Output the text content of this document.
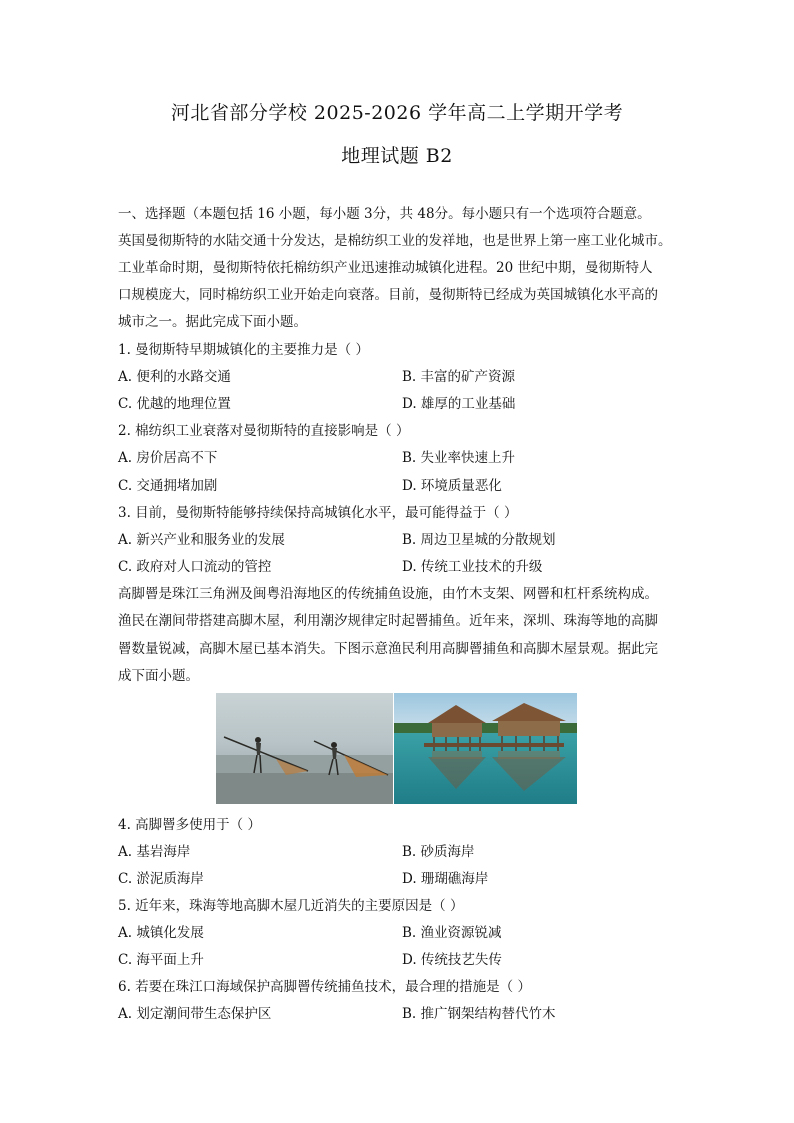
河北省部分学校 2025-2026 学年高二上学期开学考
地理试题 B2
一、选择题（本题包括 16 小题，每小题 3分，共 48分。每小题只有一个选项符合题意。
英国曼彻斯特的水陆交通十分发达，是棉纺织工业的发祥地，也是世界上第一座工业化城市。
工业革命时期，曼彻斯特依托棉纺织产业迅速推动城镇化进程。20 世纪中期，曼彻斯特人
口规模庞大，同时棉纺织工业开始走向衰落。目前，曼彻斯特已经成为英国城镇化水平高的
城市之一。据此完成下面小题。
1. 曼彻斯特早期城镇化的主要推力是（ ）
A. 便利的水路交通	B. 丰富的矿产资源
C. 优越的地理位置	D. 雄厚的工业基础
2. 棉纺织工业衰落对曼彻斯特的直接影响是（ ）
A. 房价居高不下	B. 失业率快速上升
C. 交通拥堵加剧	D. 环境质量恶化
3. 目前，曼彻斯特能够持续保持高城镇化水平，最可能得益于（ ）
A. 新兴产业和服务业的发展	B. 周边卫星城的分散规划
C. 政府对人口流动的管控	D. 传统工业技术的升级
高脚罾是珠江三角洲及闽粤沿海地区的传统捕鱼设施，由竹木支架、网罾和杠杆系统构成。
渔民在潮间带搭建高脚木屋，利用潮汐规律定时起罾捕鱼。近年来，深圳、珠海等地的高脚
罾数量锐减，高脚木屋已基本消失。下图示意渔民利用高脚罾捕鱼和高脚木屋景观。据此完
成下面小题。
4. 高脚罾多使用于（ ）
A. 基岩海岸	B. 砂质海岸
C. 淤泥质海岸	D. 珊瑚礁海岸
5. 近年来，珠海等地高脚木屋几近消失的主要原因是（ ）
A. 城镇化发展	B. 渔业资源锐减
C. 海平面上升	D. 传统技艺失传
6. 若要在珠江口海域保护高脚罾传统捕鱼技术，最合理的措施是（ ）
A. 划定潮间带生态保护区	B. 推广钢架结构替代竹木
